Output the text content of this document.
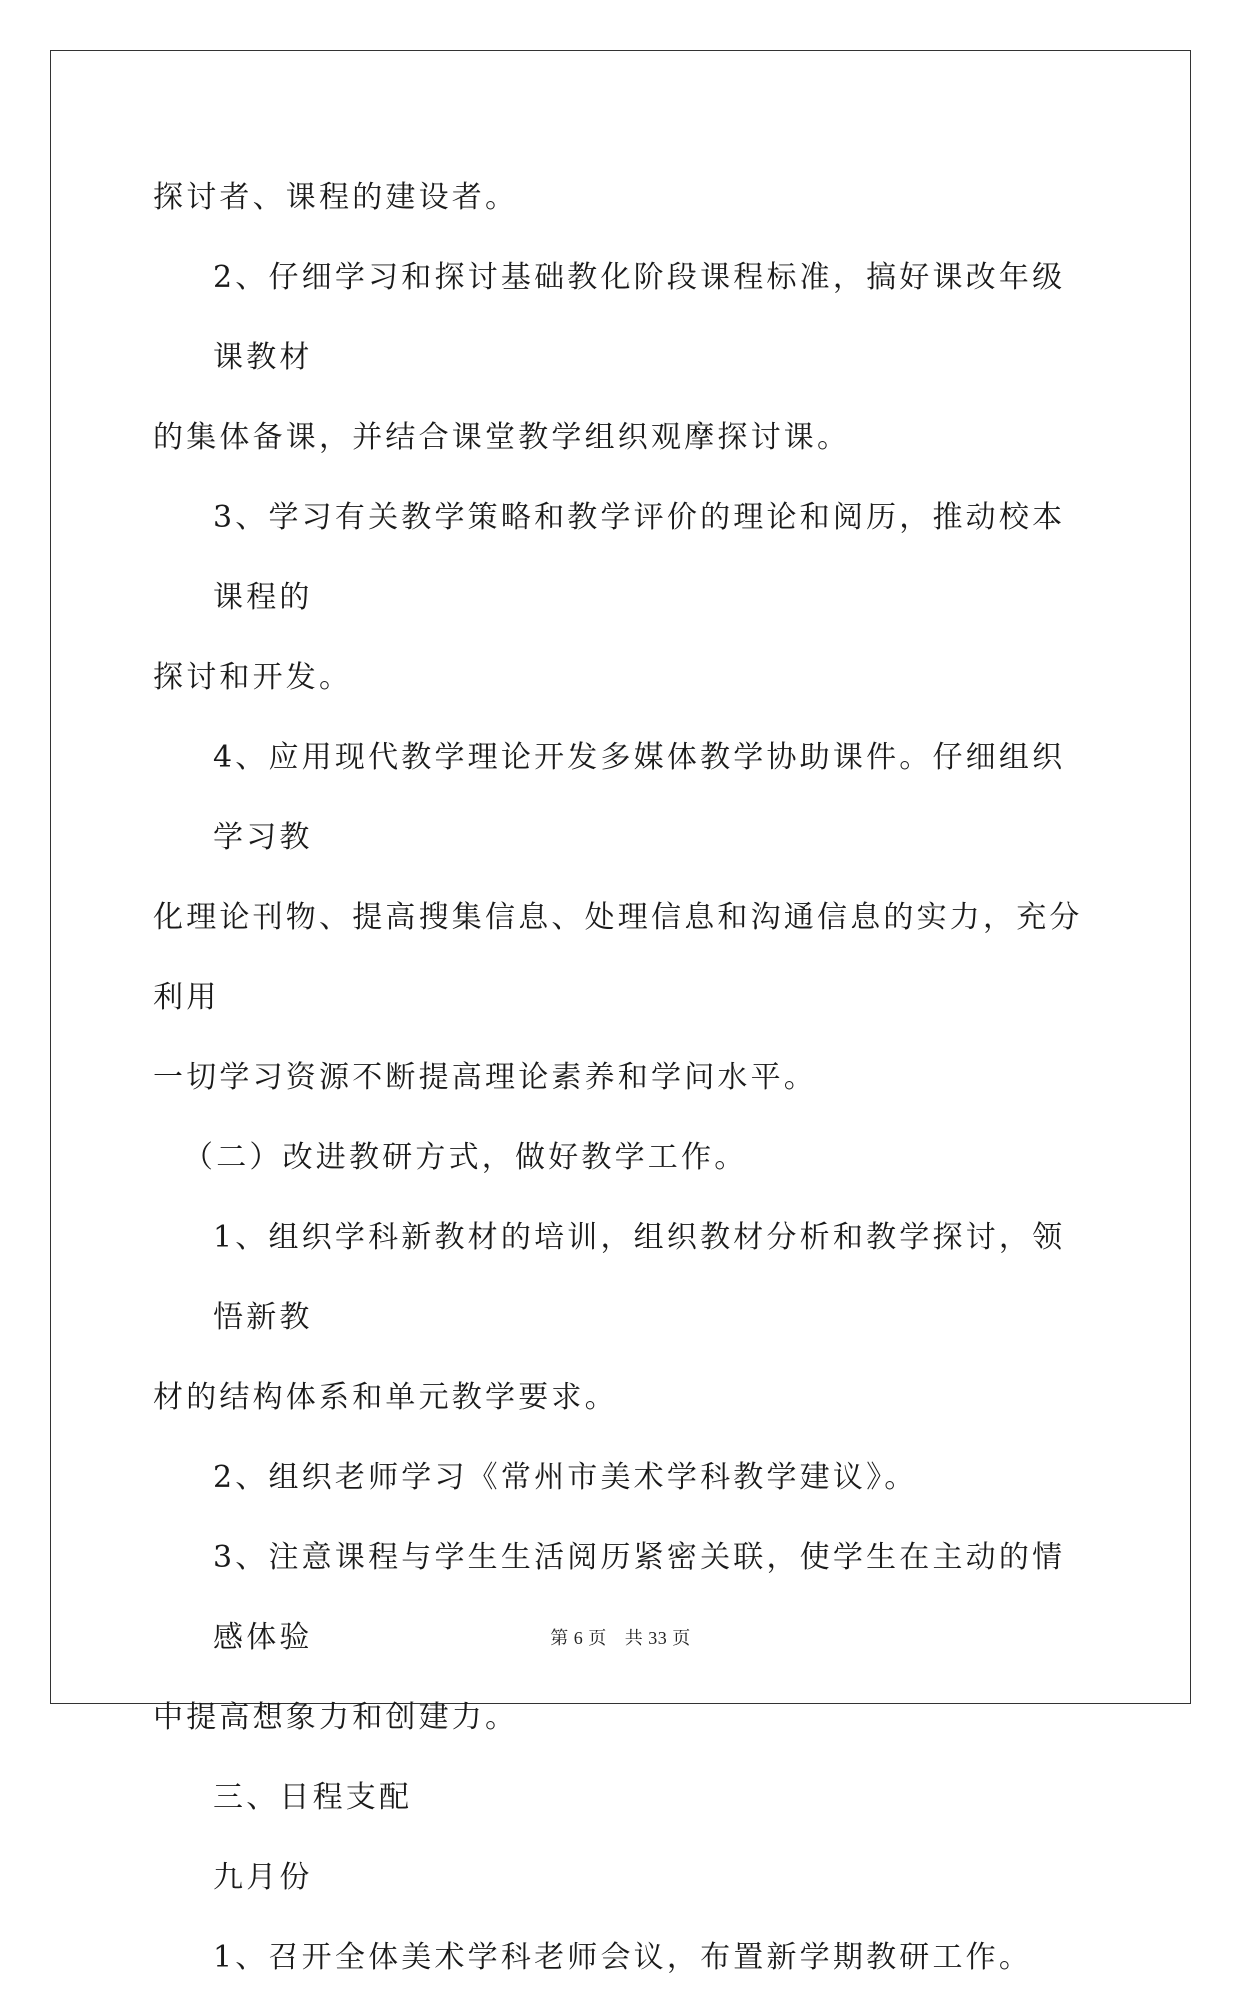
探讨者、课程的建设者。

2、仔细学习和探讨基础教化阶段课程标准，搞好课改年级课教材
的集体备课，并结合课堂教学组织观摩探讨课。

3、学习有关教学策略和教学评价的理论和阅历，推动校本课程的
探讨和开发。

4、应用现代教学理论开发多媒体教学协助课件。仔细组织学习教
化理论刊物、提高搜集信息、处理信息和沟通信息的实力，充分利用
一切学习资源不断提高理论素养和学问水平。

（二）改进教研方式，做好教学工作。

1、组织学科新教材的培训，组织教材分析和教学探讨，领悟新教
材的结构体系和单元教学要求。

2、组织老师学习《常州市美术学科教学建议》。

3、注意课程与学生生活阅历紧密关联，使学生在主动的情感体验
中提高想象力和创建力。

三、日程支配

九月份

1、召开全体美术学科老师会议，布置新学期教研工作。

第 6 页 共 33 页
